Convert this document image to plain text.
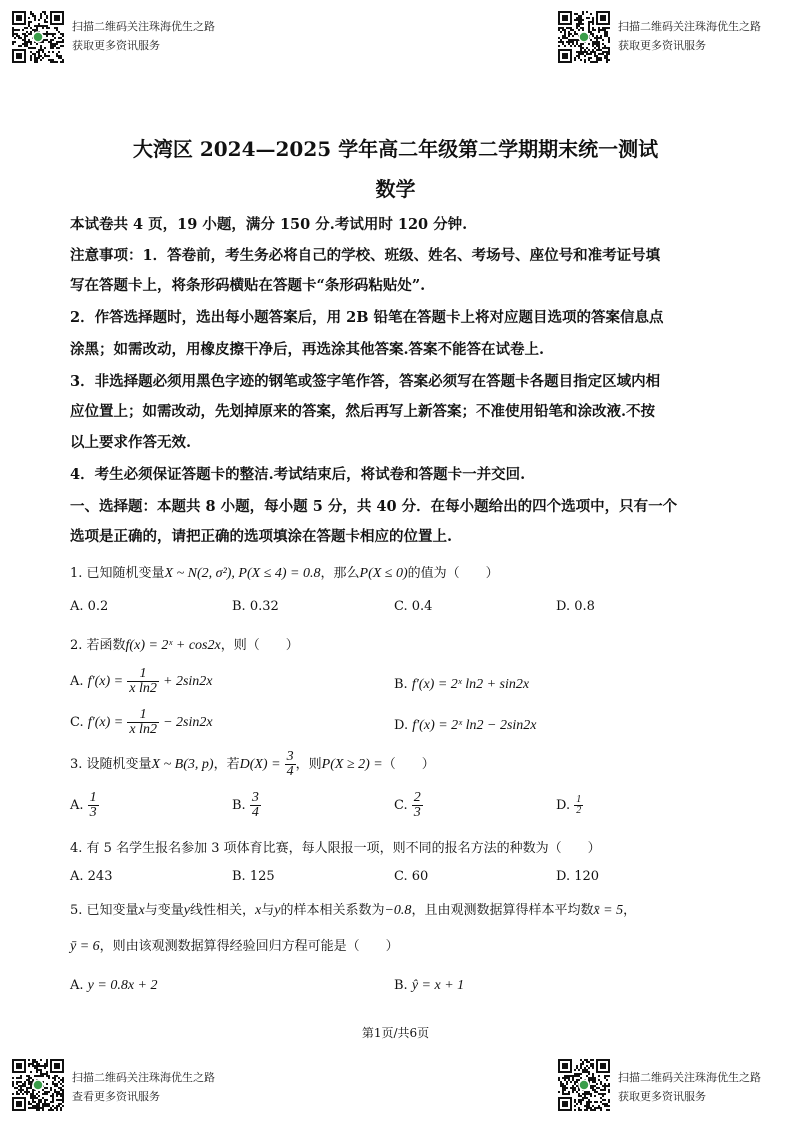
扫描二维码关注珠海优生之路
获取更多资讯服务
扫描二维码关注珠海优生之路
获取更多资讯服务
大湾区 2024—2025 学年高二年级第二学期期末统一测试
数学
本试卷共 4 页，19 小题，满分 150 分.考试用时 120 分钟.
注意事项：1．答卷前，考生务必将自己的学校、班级、姓名、考场号、座位号和准考证号填
写在答题卡上，将条形码横贴在答题卡“条形码粘贴处”.
2．作答选择题时，选出每小题答案后，用 2B 铅笔在答题卡上将对应题目选项的答案信息点
涂黑；如需改动，用橡皮擦干净后，再选涂其他答案.答案不能答在试卷上.
3．非选择题必须用黑色字迹的钢笔或签字笔作答，答案必须写在答题卡各题目指定区域内相
应位置上；如需改动，先划掉原来的答案，然后再写上新答案；不准使用铅笔和涂改液.不按
以上要求作答无效.
4．考生必须保证答题卡的整洁.考试结束后，将试卷和答题卡一并交回.
一、选择题：本题共 8 小题，每小题 5 分，共 40 分．在每小题给出的四个选项中，只有一个
选项是正确的，请把正确的选项填涂在答题卡相应的位置上.
1. 已知随机变量X ~ N(2, σ²), P(X ≤ 4) = 0.8，那么P(X ≤ 0)的值为（　　）
A. 0.2	B. 0.32	C. 0.4	D. 0.8
2. 若函数f(x) = 2ˣ + cos2x，则（　　）
A. $f'(x) = \frac{1}{\text{x ln2}} + 2\sin 2x$	B. f′(x) = 2ˣ ln2 + sin2x
C. $f'(x) = \frac{1}{\text{x ln2}} - 2\sin 2x$	D. f′(x) = 2ˣ ln2 − 2sin2x
3. 设随机变量X ~ B(3, p)，若$D(X) = \frac{3}{4}$ ，则P(X ≥ 2) =（　　）
A. $\frac{1}{3}$	B. $\frac{3}{4}$	C. $\frac{2}{3}$	D. $\frac{1}{2}$
4. 有 5 名学生报名参加 3 项体育比赛，每人限报一项，则不同的报名方法的种数为（　　）
A. 243	B. 125	C. 60	D. 120
5. 已知变量x与变量y线性相关，x与y的样本相关系数为−0.8，且由观测数据算得样本平均数x̄ = 5，
ȳ = 6，则由该观测数据算得经验回归方程可能是（　　）
A. y = 0.8x + 2	B. ŷ = x + 1
第1页/共6页
扫描二维码关注珠海优生之路
查看更多资讯服务
扫描二维码关注珠海优生之路
获取更多资讯服务
